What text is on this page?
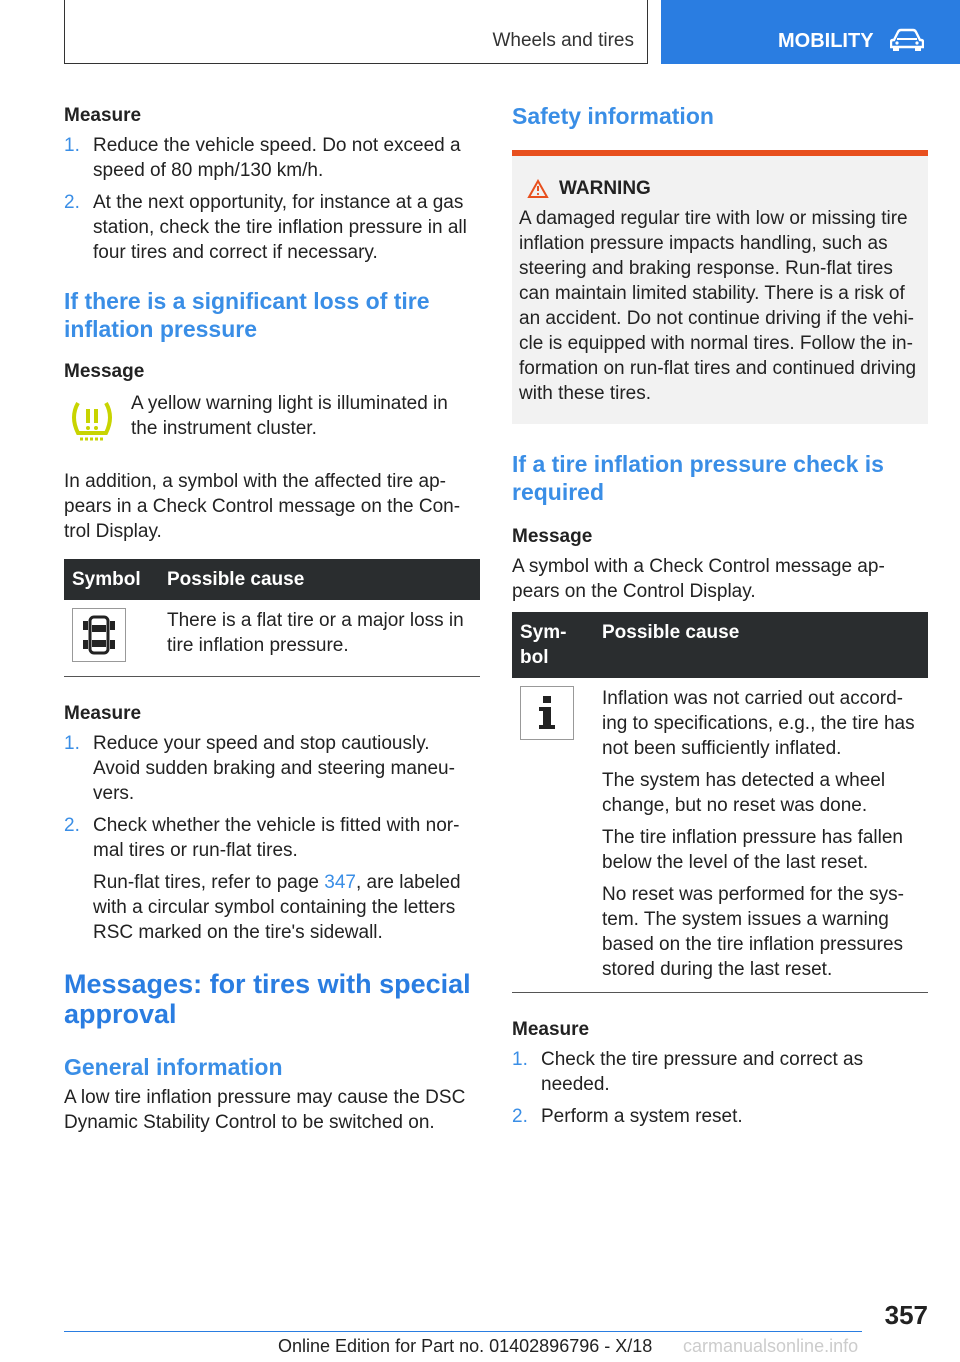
Wheels and tires	MOBILITY

Measure

1. Reduce the vehicle speed. Do not exceed a speed of 80 mph/130 km/h.
2. At the next opportunity, for instance at a gas station, check the tire inflation pressure in all four tires and correct if necessary.

If there is a significant loss of tire inflation pressure

Message

A yellow warning light is illuminated in the instrument cluster.

In addition, a symbol with the affected tire ap-pears in a Check Control message on the Con-trol Display.

Symbol	Possible cause

	There is a flat tire or a major loss in tire inflation pressure.

Measure

1. Reduce your speed and stop cautiously. Avoid sudden braking and steering maneu-vers.
2. Check whether the vehicle is fitted with nor-mal tires or run-flat tires.

Run-flat tires, refer to page 347, are labeled with a circular symbol containing the letters RSC marked on the tire's sidewall.

Messages: for tires with special approval

General information

A low tire inflation pressure may cause the DSC Dynamic Stability Control to be switched on.

Safety information

WARNING

A damaged regular tire with low or missing tire inflation pressure impacts handling, such as steering and braking response. Run-flat tires can maintain limited stability. There is a risk of an accident. Do not continue driving if the vehi-cle is equipped with normal tires. Follow the in-formation on run-flat tires and continued driving with these tires.

If a tire inflation pressure check is required

Message

A symbol with a Check Control message ap-pears on the Control Display.

Sym-bol	Possible cause

Inflation was not carried out accord-ing to specifications, e.g., the tire has not been sufficiently inflated.

The system has detected a wheel change, but no reset was done.

The tire inflation pressure has fallen below the level of the last reset.

No reset was performed for the sys-tem. The system issues a warning based on the tire inflation pressures stored during the last reset.

Measure

1. Check the tire pressure and correct as needed.
2. Perform a system reset.
357
Online Edition for Part no. 01402896796 - X/18 carmanualsonline.info
